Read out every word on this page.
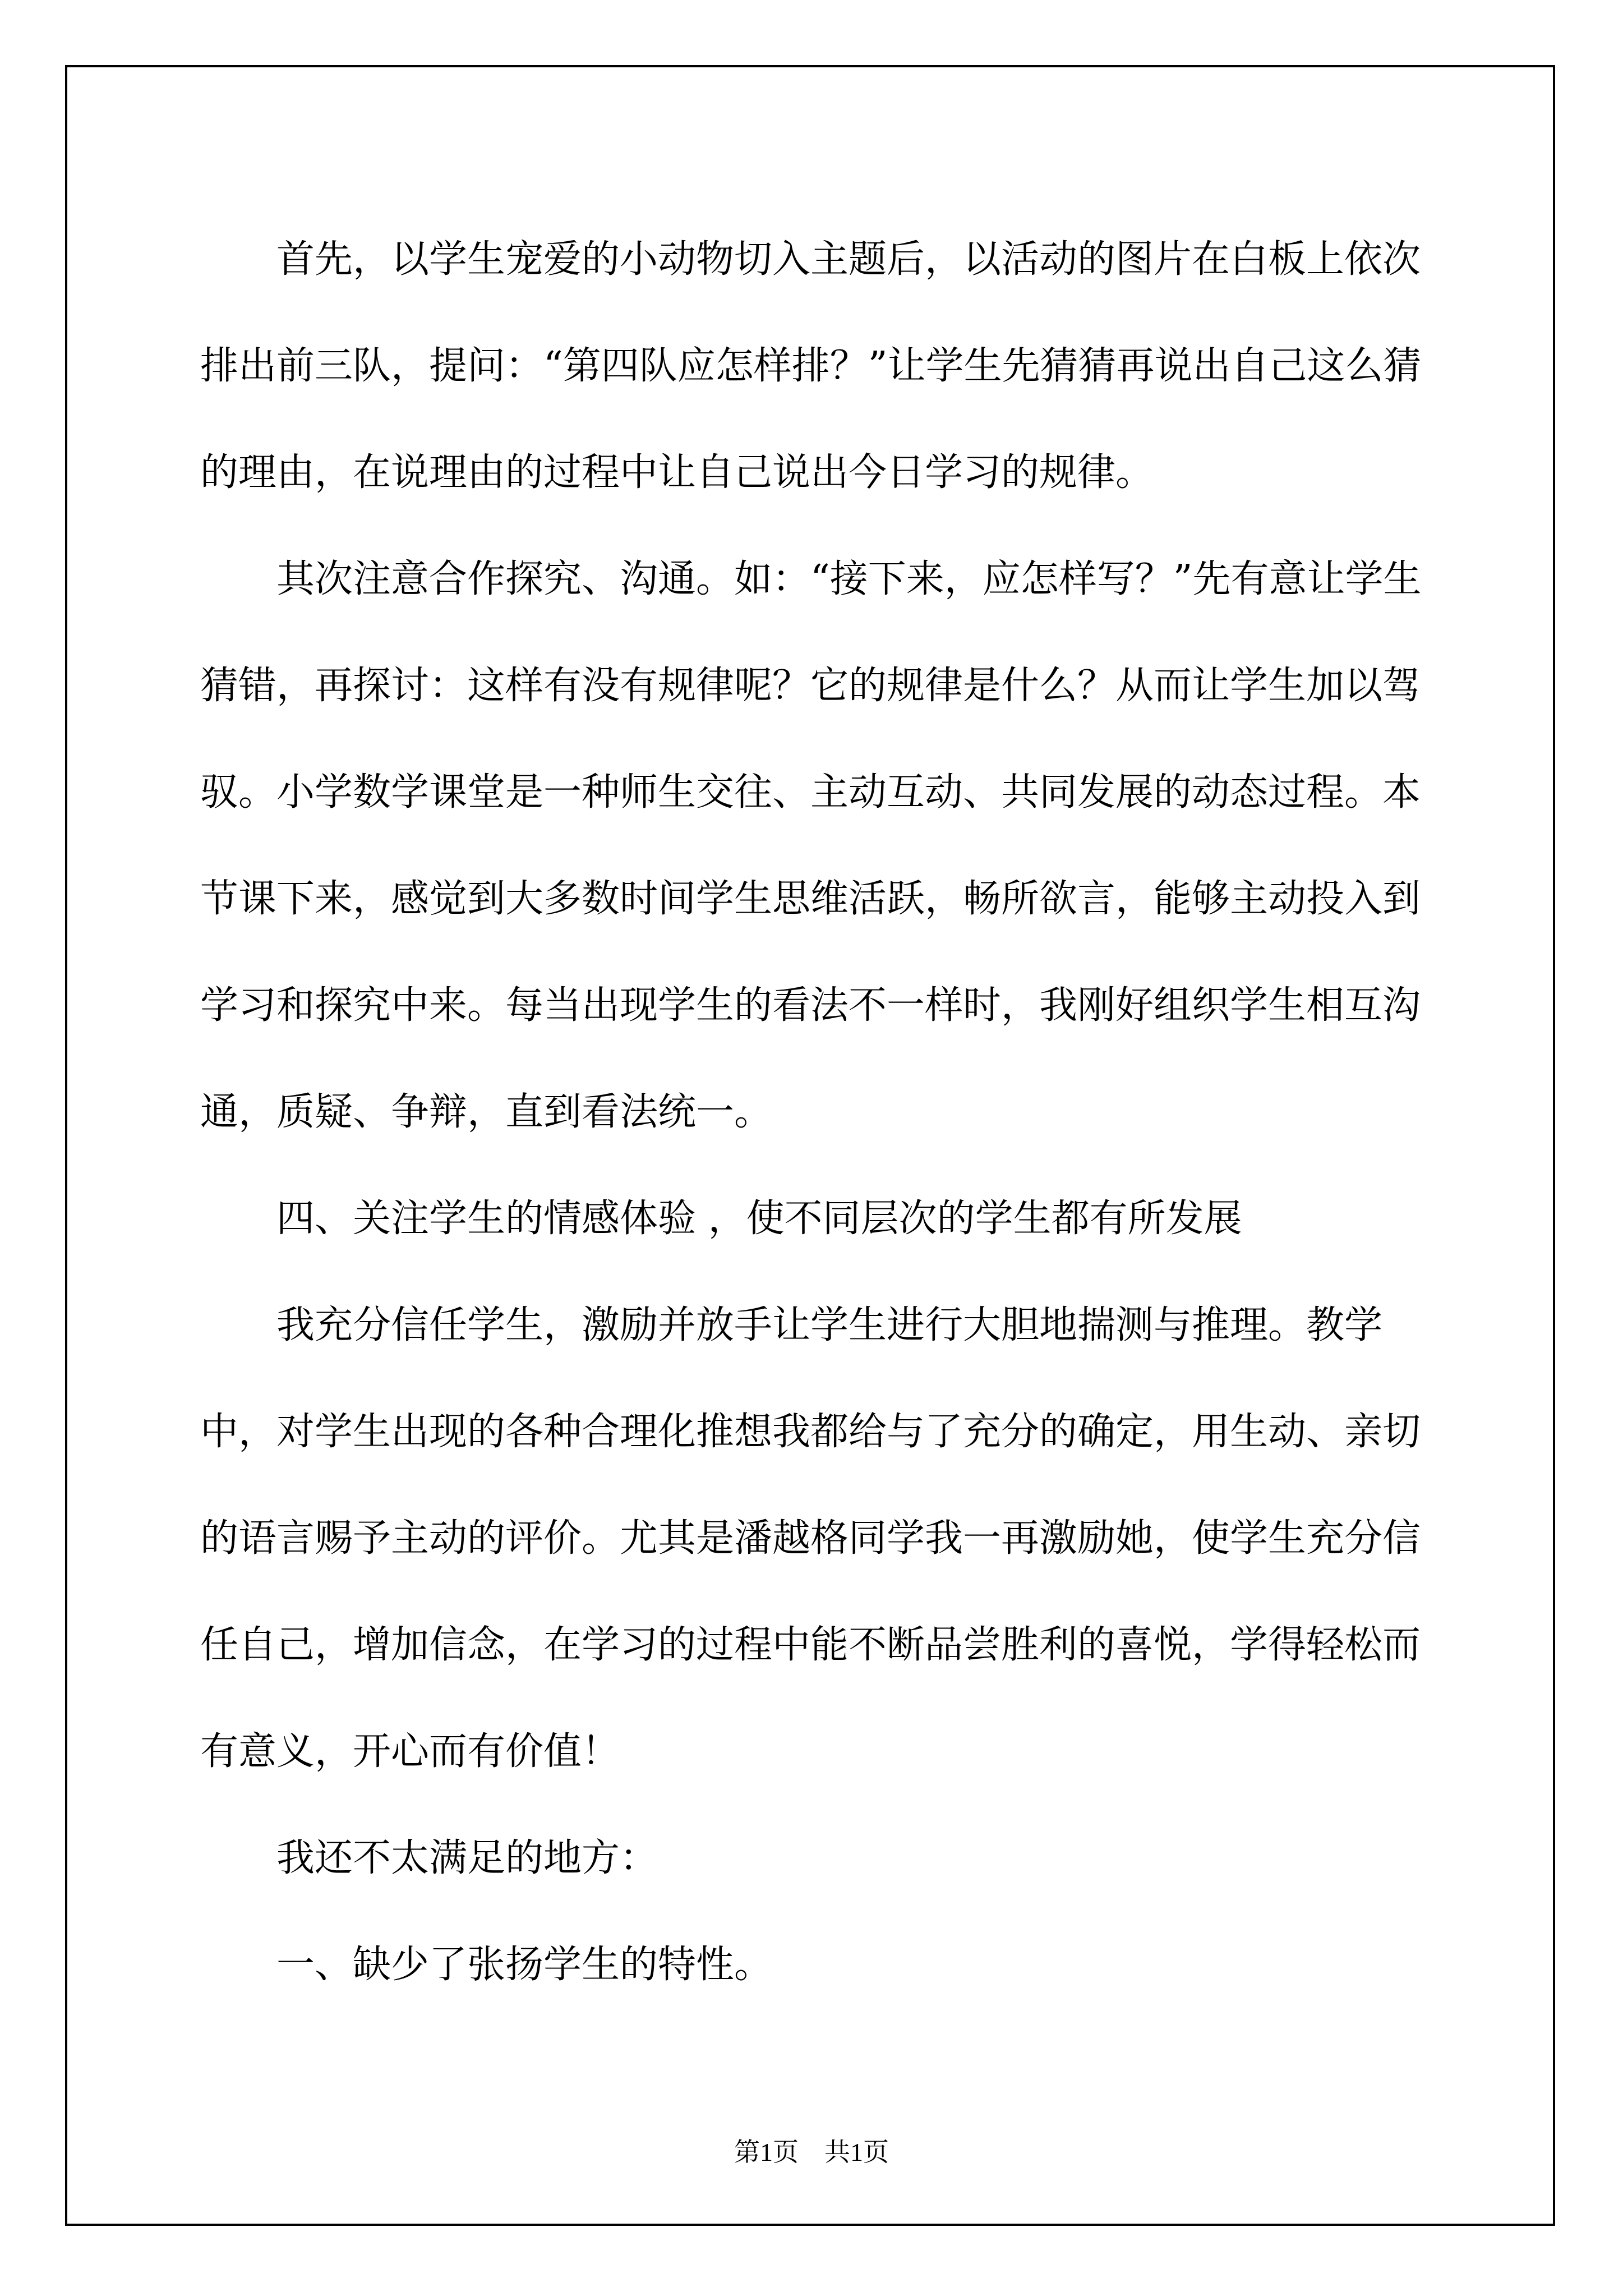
首先，以学生宠爱的小动物切入主题后，以活动的图片在白板上依次排出前三队，提问：“第四队应怎样排？”让学生先猜猜再说出自己这么猜的理由，在说理由的过程中让自己说出今日学习的规律。

其次注意合作探究、沟通。如：“接下来，应怎样写？”先有意让学生猜错，再探讨：这样有没有规律呢？它的规律是什么？从而让学生加以驾驭。小学数学课堂是一种师生交往、主动互动、共同发展的动态过程。本节课下来，感觉到大多数时间学生思维活跃，畅所欲言，能够主动投入到学习和探究中来。每当出现学生的看法不一样时，我刚好组织学生相互沟通，质疑、争辩，直到看法统一。

四、关注学生的情感体验 ，使不同层次的学生都有所发展

我充分信任学生，激励并放手让学生进行大胆地揣测与推理。教学中，对学生出现的各种合理化推想我都给与了充分的确定，用生动、亲切的语言赐予主动的评价。尤其是潘越格同学我一再激励她，使学生充分信任自己，增加信念，在学习的过程中能不断品尝胜利的喜悦，学得轻松而有意义，开心而有价值！

我还不太满足的地方：

一、缺少了张扬学生的特性。

第1页　共1页
